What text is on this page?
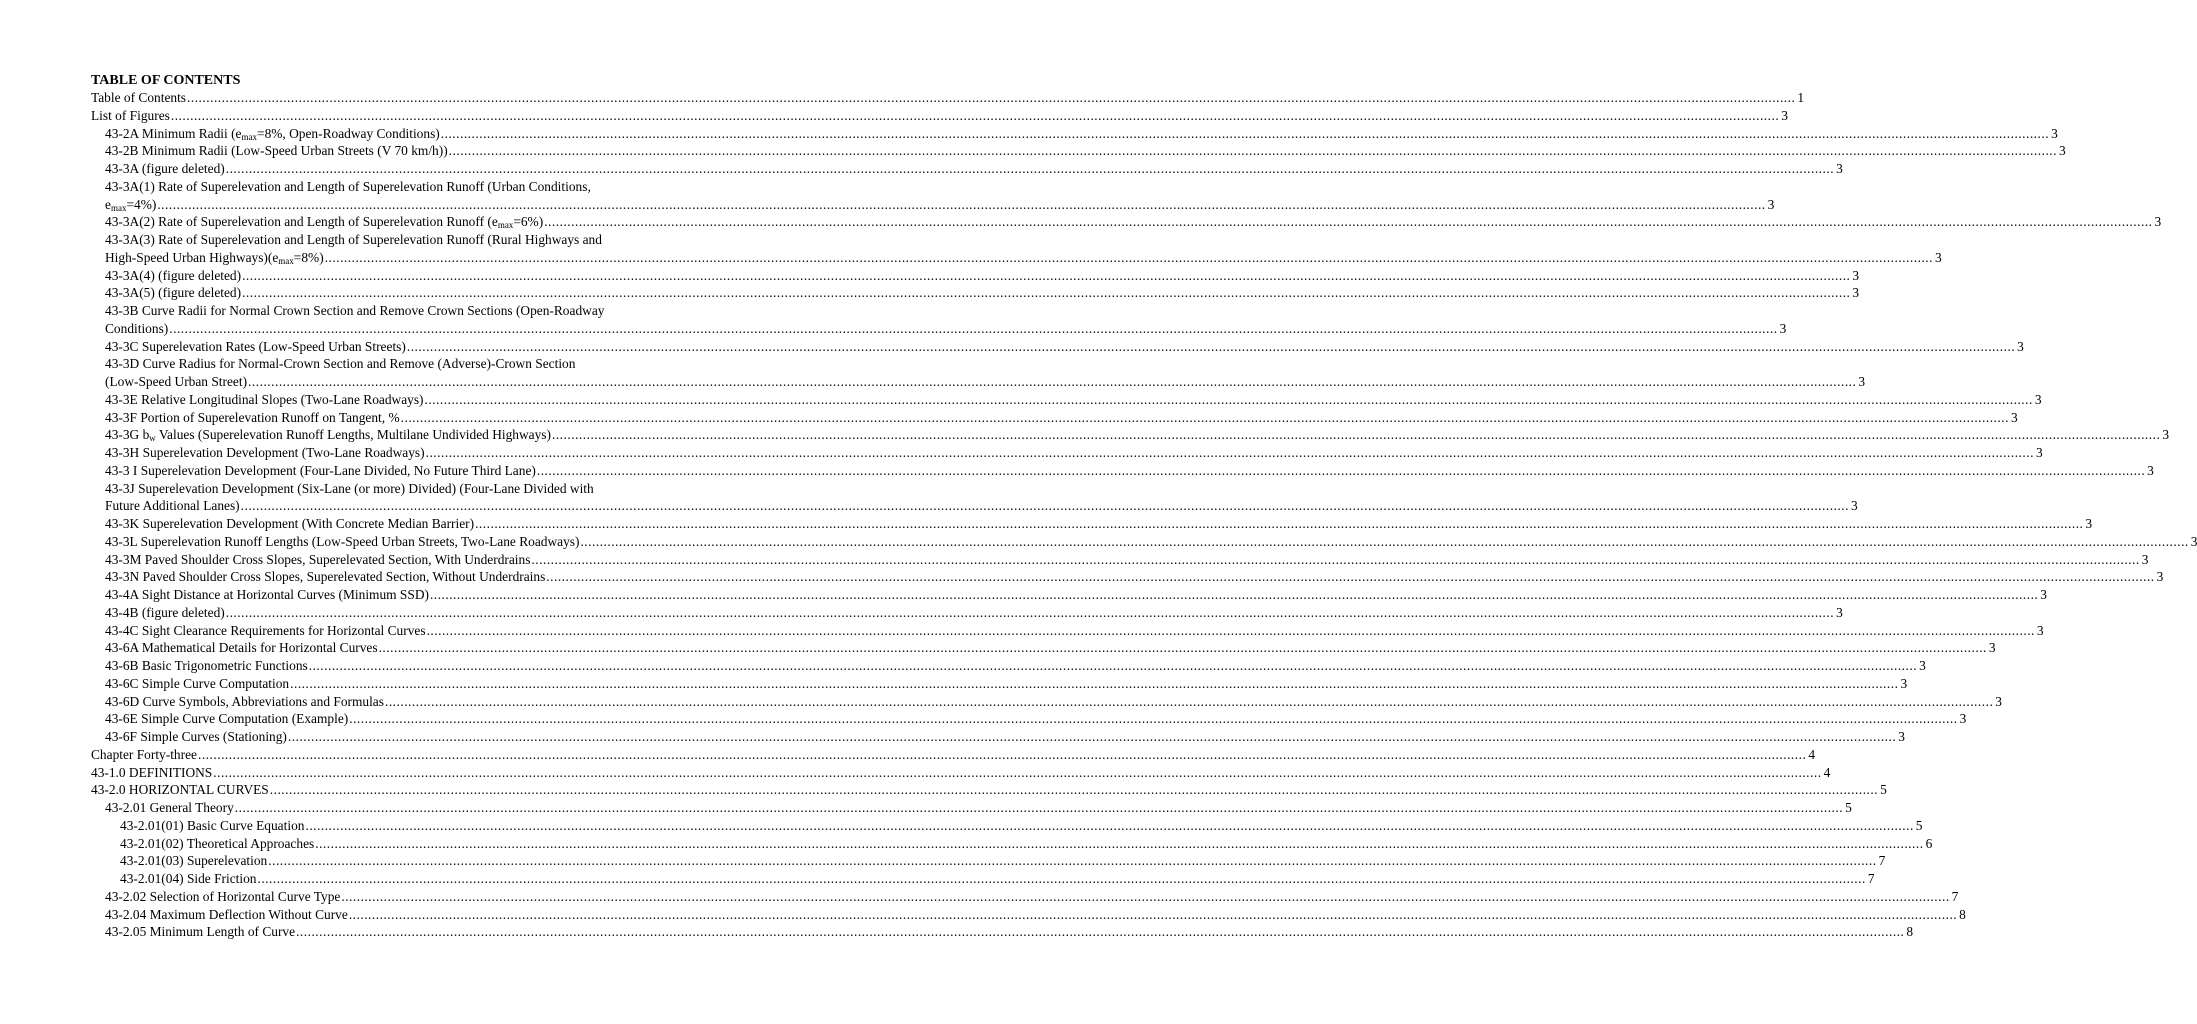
TABLE OF CONTENTS
Table of Contents .....	1
List of Figures .....	3
43-2A Minimum Radii ($e_{max}=8\%$, Open-Roadway Conditions) .....	3
43-2B Minimum Radii (Low-Speed Urban Streets (V 70 km/h)) .....	3
43-3A (figure deleted) .....	3
43-3A(1) Rate of Superelevation and Length of Superelevation Runoff (Urban Conditions,
$e_{max}=4\%$) .....	3
43-3A(2) Rate of Superelevation and Length of Superelevation Runoff $(e_{max}=6\%)$ .....	3
43-3A(3) Rate of Superelevation and Length of Superelevation Runoff (Rural Highways and
High-Speed Urban $Highways)(e_{max}=8\%)$ .....	3
43-3A(4) (figure deleted) .....	3
43-3A(5) (figure deleted) .....	3
43-3B Curve Radii for Normal Crown Section and Remove Crown Sections (Open-Roadway
Conditions) .....	3
43-3C Superelevation Rates (Low-Speed Urban Streets) .....	3
43-3D Curve Radius for Normal-Crown Section and Remove (Adverse)-Crown Section
(Low-Speed Urban Street) .....	3
43-3E Relative Longitudinal Slopes (Two-Lane Roadways) .....	3
43-3F Portion of Superelevation Runoff on Tangent, % .....	3
43-3G $b_w$ Values (Superelevation Runoff Lengths, Multilane Undivided Highways) .....	3
43-3H Superelevation Development (Two-Lane Roadways) .....	3
43-3 I Superelevation Development (Four-Lane Divided, No Future Third Lane) .....	3
43-3J Superelevation Development (Six-Lane (or more) Divided) (Four-Lane Divided with
Future Additional Lanes) .....	3
43-3K Superelevation Development (With Concrete Median Barrier) .....	3
43-3L Superelevation Runoff Lengths (Low-Speed Urban Streets, Two-Lane Roadways) .....	3
43-3M Paved Shoulder Cross Slopes, Superelevated Section, With Underdrains .....	3
43-3N Paved Shoulder Cross Slopes, Superelevated Section, Without Underdrains .....	3
43-4A Sight Distance at Horizontal Curves (Minimum SSD) .....	3
43-4B (figure deleted) .....	3
43-4C Sight Clearance Requirements for Horizontal Curves .....	3
43-6A Mathematical Details for Horizontal Curves .....	3
43-6B Basic Trigonometric Functions .....	3
43-6C Simple Curve Computation .....	3
43-6D Curve Symbols, Abbreviations and Formulas .....	3
43-6E Simple Curve Computation (Example) .....	3
43-6F Simple Curves (Stationing) .....	3
Chapter Forty-three .....	4
43-1.0 DEFINITIONS .....	4
43-2.0 HORIZONTAL CURVES .....	5
43-2.01 General Theory .....	5
43-2.01(01) Basic Curve Equation .....	5
43-2.01(02) Theoretical Approaches .....	6
43-2.01(03) Superelevation .....	7
43-2.01(04) Side Friction .....	7
43-2.02 Selection of Horizontal Curve Type .....	7
43-2.04 Maximum Deflection Without Curve .....	8
43-2.05 Minimum Length of Curve .....	8
